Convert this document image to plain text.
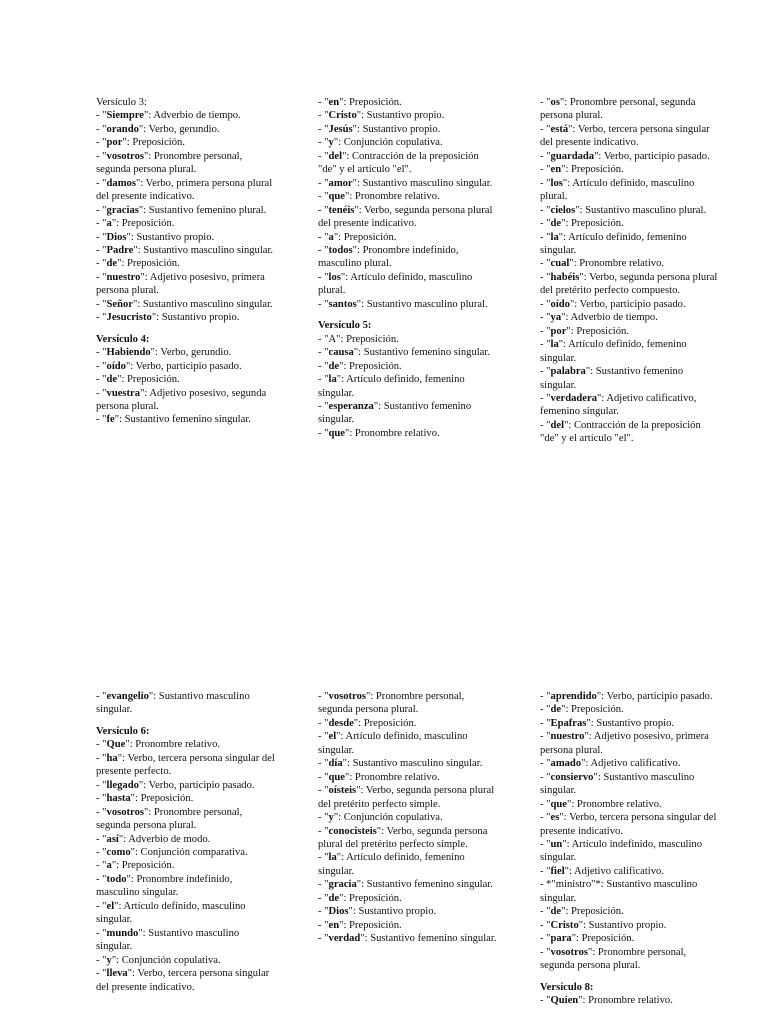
Versículo 3:
- "Siempre": Adverbio de tiempo.
- "orando": Verbo, gerundio.
- "por": Preposición.
- "vosotros": Pronombre personal, segunda persona plural.
- "damos": Verbo, primera persona plural del presente indicativo.
- "gracias": Sustantivo femenino plural.
- "a": Preposición.
- "Dios": Sustantivo propio.
- "Padre": Sustantivo masculino singular.
- "de": Preposición.
- "nuestro": Adjetivo posesivo, primera persona plural.
- "Señor": Sustantivo masculino singular.
- "Jesucristo": Sustantivo propio.
Versículo 4:
- "Habiendo": Verbo, gerundio.
- "oído": Verbo, participio pasado.
- "de": Preposición.
- "vuestra": Adjetivo posesivo, segunda persona plural.
- "fe": Sustantivo femenino singular.
- "en": Preposición.
- "Cristo": Sustantivo propio.
- "Jesús": Sustantivo propio.
- "y": Conjunción copulativa.
- "del": Contracción de la preposición "de" y el artículo "el".
- "amor": Sustantivo masculino singular.
- "que": Pronombre relativo.
- "tenéis": Verbo, segunda persona plural del presente indicativo.
- "a": Preposición.
- "todos": Pronombre indefinido, masculino plural.
- "los": Artículo definido, masculino plural.
- "santos": Sustantivo masculino plural.
Versículo 5:
- "A": Preposición.
- "causa": Sustantivo femenino singular.
- "de": Preposición.
- "la": Artículo definido, femenino singular.
- "esperanza": Sustantivo femenino singular.
- "que": Pronombre relativo.
- "os": Pronombre personal, segunda persona plural.
- "está": Verbo, tercera persona singular del presente indicativo.
- "guardada": Verbo, participio pasado.
- "en": Preposición.
- "los": Artículo definido, masculino plural.
- "cielos": Sustantivo masculino plural.
- "de": Preposición.
- "la": Artículo definido, femenino singular.
- "cual": Pronombre relativo.
- "habéis": Verbo, segunda persona plural del pretérito perfecto compuesto.
- "oído": Verbo, participio pasado.
- "ya": Adverbio de tiempo.
- "por": Preposición.
- "la": Artículo definido, femenino singular.
- "palabra": Sustantivo femenino singular.
- "verdadera": Adjetivo calificativo, femenino singular.
- "del": Contracción de la preposición "de" y el artículo "el".
- "evangelio": Sustantivo masculino singular.
Versículo 6:
- "Que": Pronombre relativo.
- "ha": Verbo, tercera persona singular del presente perfecto.
- "llegado": Verbo, participio pasado.
- "hasta": Preposición.
- "vosotros": Pronombre personal, segunda persona plural.
- "así": Adverbio de modo.
- "como": Conjunción comparativa.
- "a": Preposición.
- "todo": Pronombre indefinido, masculino singular.
- "el": Artículo definido, masculino singular.
- "mundo": Sustantivo masculino singular.
- "y": Conjunción copulativa.
- "lleva": Verbo, tercera persona singular del presente indicativo.
- "vosotros": Pronombre personal, segunda persona plural.
- "desde": Preposición.
- "el": Artículo definido, masculino singular.
- "día": Sustantivo masculino singular.
- "que": Pronombre relativo.
- "oísteis": Verbo, segunda persona plural del pretérito perfecto simple.
- "y": Conjunción copulativa.
- "conocisteis": Verbo, segunda persona plural del pretérito perfecto simple.
- "la": Artículo definido, femenino singular.
- "gracia": Sustantivo femenino singular.
- "de": Preposición.
- "Dios": Sustantivo propio.
- "en": Preposición.
- "verdad": Sustantivo femenino singular.
- "aprendido": Verbo, participio pasado.
- "de": Preposición.
- "Epafras": Sustantivo propio.
- "nuestro": Adjetivo posesivo, primera persona plural.
- "amado": Adjetivo calificativo.
- "consiervo": Sustantivo masculino singular.
- "que": Pronombre relativo.
- "es": Verbo, tercera persona singular del presente indicativo.
- "un": Artículo indefinido, masculino singular.
- "fiel": Adjetivo calificativo.
- *"ministro"*: Sustantivo masculino singular.
- "de": Preposición.
- "Cristo": Sustantivo propio.
- "para": Preposición.
- "vosotros": Pronombre personal, segunda persona plural.
Versículo 8:
- "Quien": Pronombre relativo.
